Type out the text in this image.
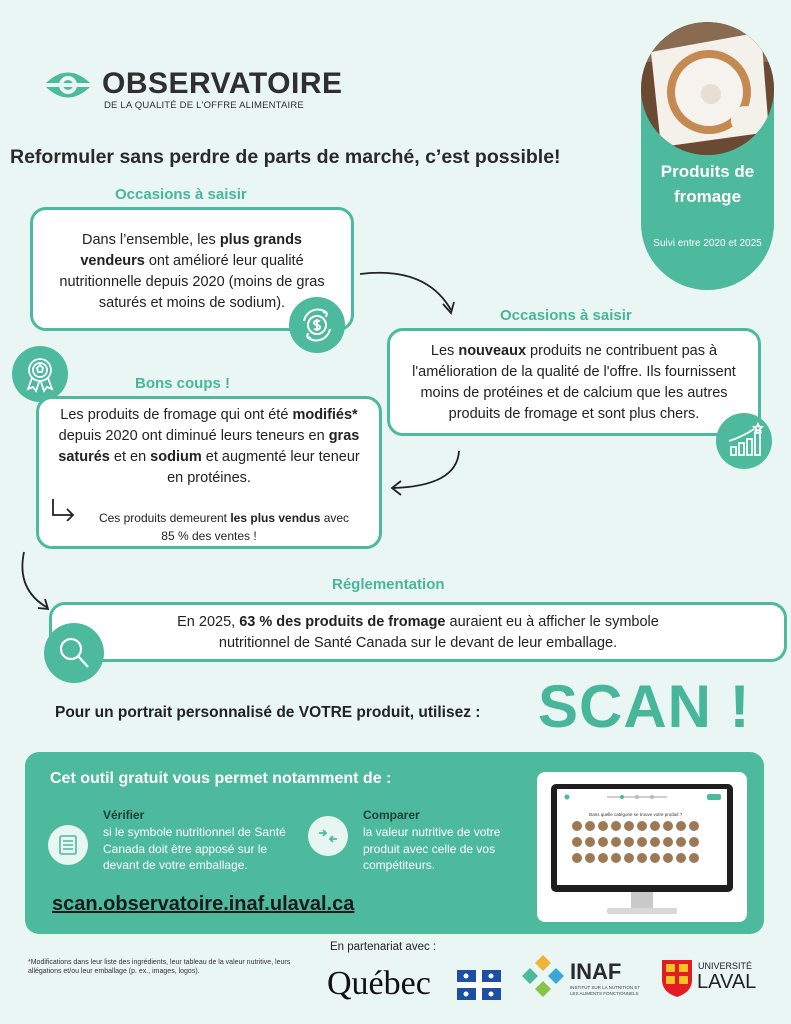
OBSERVATOIRE
DE LA QUALITÉ DE L'OFFRE ALIMENTAIRE
Produits de
fromage
Suivi entre 2020 et 2025
Reformuler sans perdre de parts de marché, c’est possible!
Occasions à saisir
Dans l’ensemble, les plus grands vendeurs ont amélioré leur qualité nutritionnelle depuis 2020 (moins de gras saturés et moins de sodium).
Occasions à saisir
Les nouveaux produits ne contribuent pas à l'amélioration de la qualité de l'offre. Ils fournissent moins de protéines et de calcium que les autres produits de fromage et sont plus chers.
Bons coups !
Les produits de fromage qui ont été modifiés* depuis 2020 ont diminué leurs teneurs en gras saturés et en sodium et augmenté leur teneur en protéines.
Ces produits demeurent les plus vendus avec
85 % des ventes !
Réglementation
En 2025, 63 % des produits de fromage auraient eu à afficher le symbole
nutritionnel de Santé Canada sur le devant de leur emballage.
Pour un portrait personnalisé de VOTRE produit, utilisez : SCAN !
Cet outil gratuit vous permet notamment de :
Vérifier
si le symbole nutritionnel de Santé Canada doit être apposé sur le devant de votre emballage.
Comparer
la valeur nutritive de votre produit avec celle de vos compétiteurs.
scan.observatoire.inaf.ulaval.ca
Dans quelle catégorie se trouve votre produit ?
*Modifications dans leur liste des ingrédients, leur tableau de la valeur nutritive, leurs allégations et/ou leur emballage (p. ex., images, logos).
En partenariat avec :
Québec	INAF
INSTITUT SUR LA NUTRITION ET LES ALIMENTS FONCTIONNELS
UNIVERSITÉ
LAVAL
